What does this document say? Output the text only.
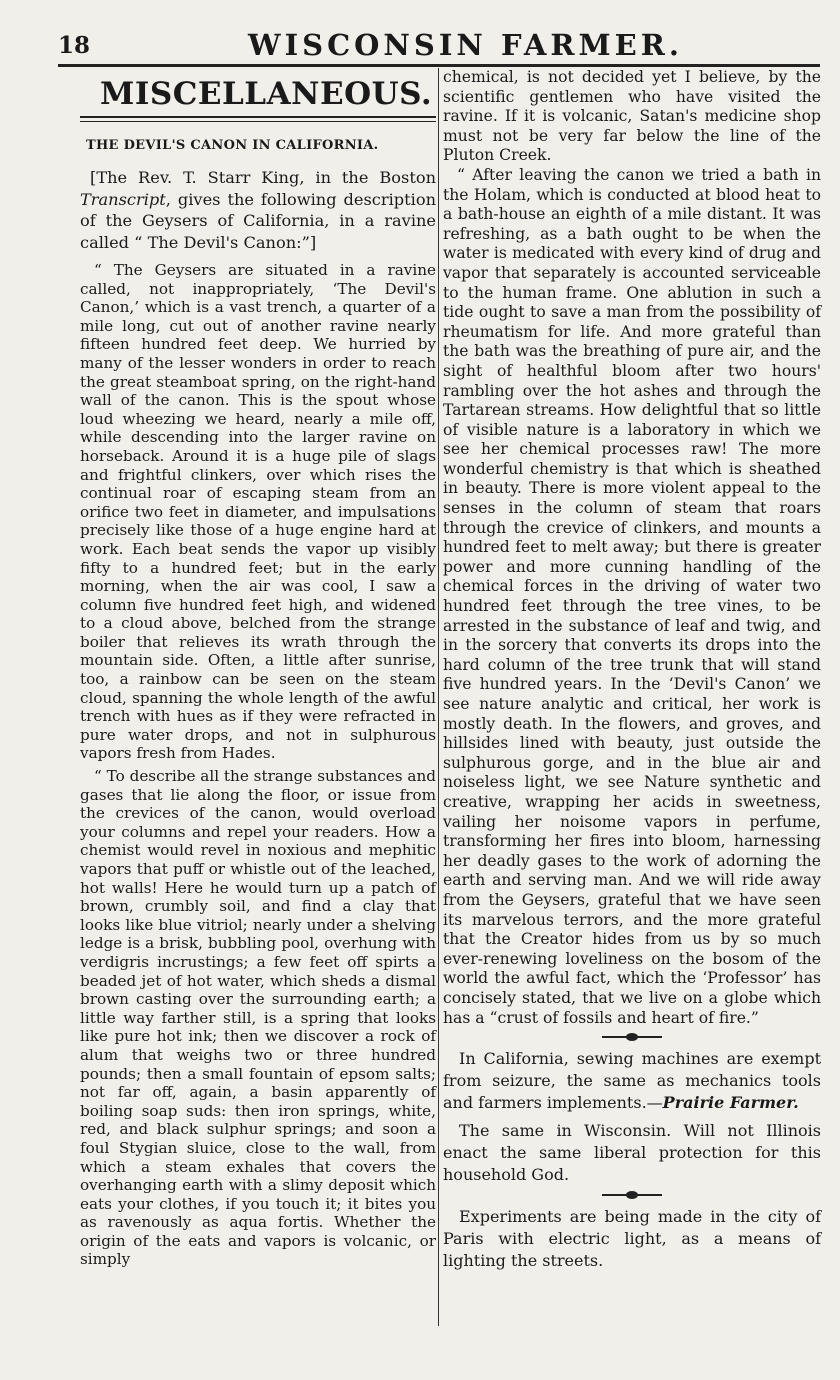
18	WISCONSIN FARMER.
MISCELLANEOUS.
THE DEVIL'S CANON IN CALIFORNIA.

[The Rev. T. Starr King, in the Boston Transcript, gives the following description of the Geysers of California, in a ravine called “ The Devil's Canon:”]

“ The Geysers are situated in a ravine called, not inappropriately, ‘The Devil's Canon,’ which is a vast trench, a quarter of a mile long, cut out of another ravine nearly fifteen hundred feet deep. We hurried by many of the lesser wonders in order to reach the great steamboat spring, on the right-hand wall of the canon. This is the spout whose loud wheezing we heard, nearly a mile off, while descending into the larger ravine on horseback. Around it is a huge pile of slags and frightful clinkers, over which rises the continual roar of escaping steam from an orifice two feet in diameter, and impulsations precisely like those of a huge engine hard at work. Each beat sends the vapor up visibly fifty to a hundred feet; but in the early morning, when the air was cool, I saw a column five hundred feet high, and widened to a cloud above, belched from the strange boiler that relieves its wrath through the mountain side. Often, a little after sunrise, too, a rainbow can be seen on the steam cloud, spanning the whole length of the awful trench with hues as if they were refracted in pure water drops, and not in sulphurous vapors fresh from Hades.

“ To describe all the strange substances and gases that lie along the floor, or issue from the crevices of the canon, would overload your columns and repel your readers. How a chemist would revel in noxious and mephitic vapors that puff or whistle out of the leached, hot walls! Here he would turn up a patch of brown, crumbly soil, and find a clay that looks like blue vitriol; nearly under a shelving ledge is a brisk, bubbling pool, overhung with verdigris incrustings; a few feet off spirts a beaded jet of hot water, which sheds a dismal brown casting over the surrounding earth; a little way farther still, is a spring that looks like pure hot ink; then we discover a rock of alum that weighs two or three hundred pounds; then a small fountain of epsom salts; not far off, again, a basin apparently of boiling soap suds: then iron springs, white, red, and black sulphur springs; and soon a foul Stygian sluice, close to the wall, from which a steam exhales that covers the overhanging earth with a slimy deposit which eats your clothes, if you touch it; it bites you as ravenously as aqua fortis. Whether the origin of the eats and vapors is volcanic, or simply

chemical, is not decided yet I believe, by the scientific gentlemen who have visited the ravine. If it is volcanic, Satan's medicine shop must not be very far below the line of the Pluton Creek.

“ After leaving the canon we tried a bath in the Holam, which is conducted at blood heat to a bath-house an eighth of a mile distant. It was refreshing, as a bath ought to be when the water is medicated with every kind of drug and vapor that separately is accounted serviceable to the human frame. One ablution in such a tide ought to save a man from the possibility of rheumatism for life. And more grateful than the bath was the breathing of pure air, and the sight of healthful bloom after two hours' rambling over the hot ashes and through the Tartarean streams. How delightful that so little of visible nature is a laboratory in which we see her chemical processes raw! The more wonderful chemistry is that which is sheathed in beauty. There is more violent appeal to the senses in the column of steam that roars through the crevice of clinkers, and mounts a hundred feet to melt away; but there is greater power and more cunning handling of the chemical forces in the driving of water two hundred feet through the tree vines, to be arrested in the substance of leaf and twig, and in the sorcery that converts its drops into the hard column of the tree trunk that will stand five hundred years. In the ‘Devil's Canon’ we see nature analytic and critical, her work is mostly death. In the flowers, and groves, and hillsides lined with beauty, just outside the sulphurous gorge, and in the blue air and noiseless light, we see Nature synthetic and creative, wrapping her acids in sweetness, vailing her noisome vapors in perfume, transforming her fires into bloom, harnessing her deadly gases to the work of adorning the earth and serving man. And we will ride away from the Geysers, grateful that we have seen its marvelous terrors, and the more grateful that the Creator hides from us by so much ever-renewing loveliness on the bosom of the world the awful fact, which the ‘Professor’ has concisely stated, that we live on a globe which has a “crust of fossils and heart of fire.”

In California, sewing machines are exempt from seizure, the same as mechanics tools and farmers implements.—Prairie Farmer.

The same in Wisconsin. Will not Illinois enact the same liberal protection for this household God.

Experiments are being made in the city of Paris with electric light, as a means of lighting the streets.
